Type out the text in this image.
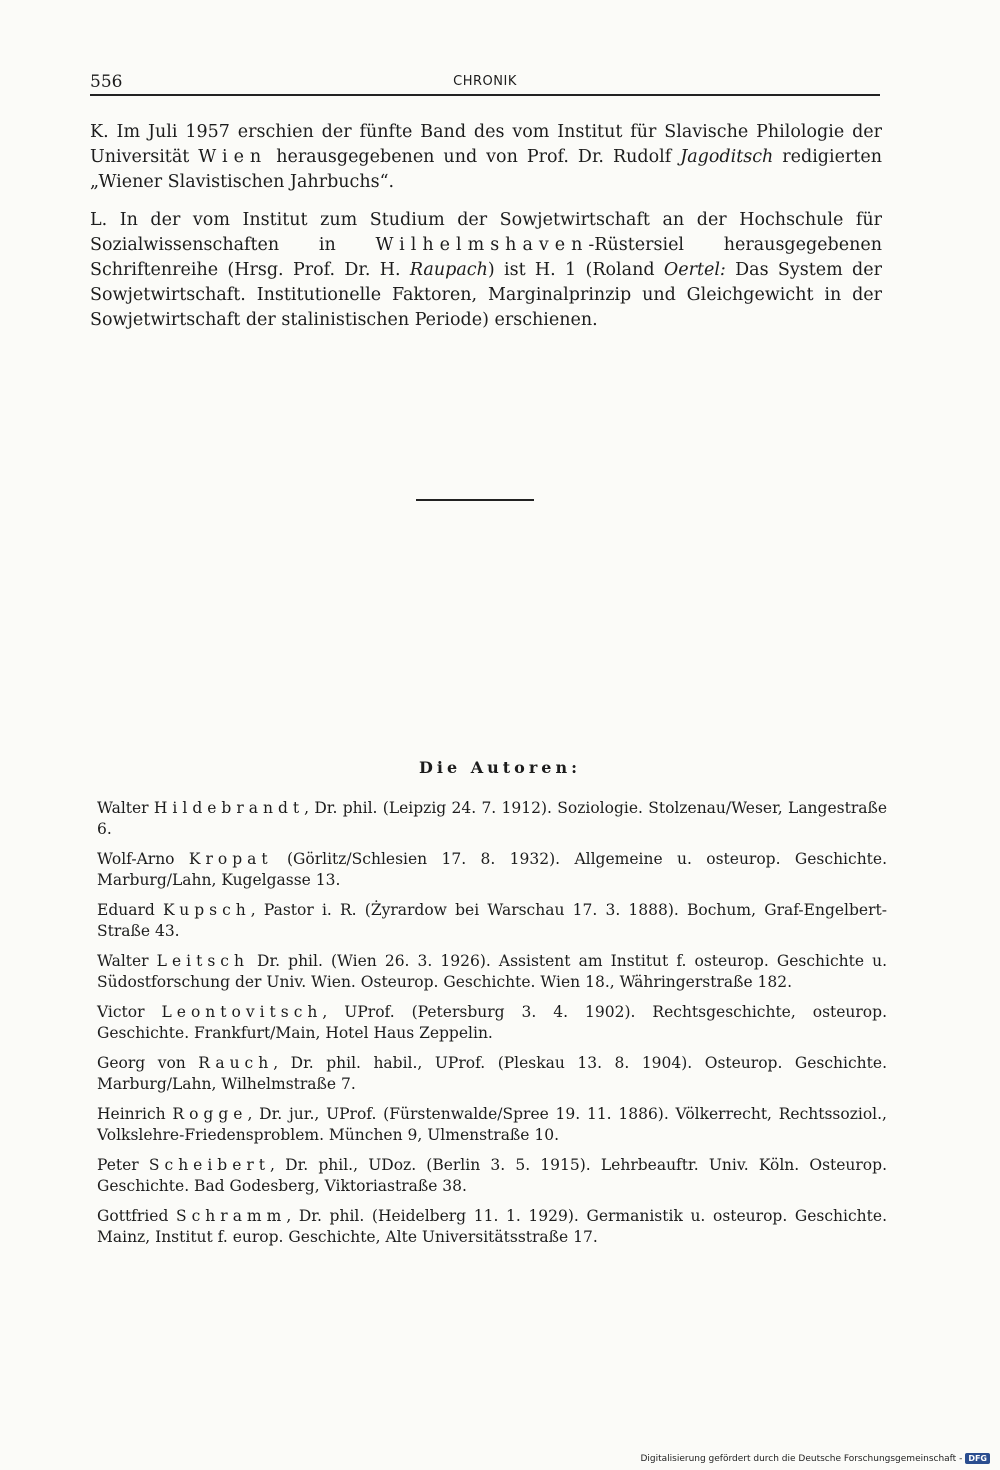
556	CHRONIK

K. Im Juli 1957 erschien der fünfte Band des vom Institut für Slavische Philologie der Universität Wien herausgegebenen und von Prof. Dr. Rudolf Jagoditsch redigierten „Wiener Slavistischen Jahrbuchs“.

L. In der vom Institut zum Studium der Sowjetwirtschaft an der Hochschule für Sozialwissenschaften in Wilhelmshaven-Rüstersiel herausgegebenen Schriftenreihe (Hrsg. Prof. Dr. H. Raupach) ist H. 1 (Roland Oertel: Das System der Sowjetwirtschaft. Institutionelle Faktoren, Marginalprinzip und Gleichgewicht in der Sowjetwirtschaft der stalinistischen Periode) erschienen.

Die Autoren:
Walter Hildebrandt, Dr. phil. (Leipzig 24. 7. 1912). Soziologie. Stolzenau/Weser, Langestraße 6.
Wolf-Arno Kropat (Görlitz/Schlesien 17. 8. 1932). Allgemeine u. osteurop. Geschichte. Marburg/Lahn, Kugelgasse 13.
Eduard Kupsch, Pastor i. R. (Żyrardow bei Warschau 17. 3. 1888). Bochum, Graf-Engelbert-Straße 43.
Walter Leitsch Dr. phil. (Wien 26. 3. 1926). Assistent am Institut f. osteurop. Geschichte u. Südostforschung der Univ. Wien. Osteurop. Geschichte. Wien 18., Währingerstraße 182.
Victor Leontovitsch, UProf. (Petersburg 3. 4. 1902). Rechtsgeschichte, osteurop. Geschichte. Frankfurt/Main, Hotel Haus Zeppelin.
Georg von Rauch, Dr. phil. habil., UProf. (Pleskau 13. 8. 1904). Osteurop. Geschichte. Marburg/Lahn, Wilhelmstraße 7.
Heinrich Rogge, Dr. jur., UProf. (Fürstenwalde/Spree 19. 11. 1886). Völkerrecht, Rechtssoziol., Volkslehre-Friedensproblem. München 9, Ulmenstraße 10.
Peter Scheibert, Dr. phil., UDoz. (Berlin 3. 5. 1915). Lehrbeauftr. Univ. Köln. Osteurop. Geschichte. Bad Godesberg, Viktoriastraße 38.
Gottfried Schramm, Dr. phil. (Heidelberg 11. 1. 1929). Germanistik u. osteurop. Geschichte. Mainz, Institut f. europ. Geschichte, Alte Universitätsstraße 17.
Digitalisierung gefördert durch die Deutsche Forschungsgemeinschaft - DFG
